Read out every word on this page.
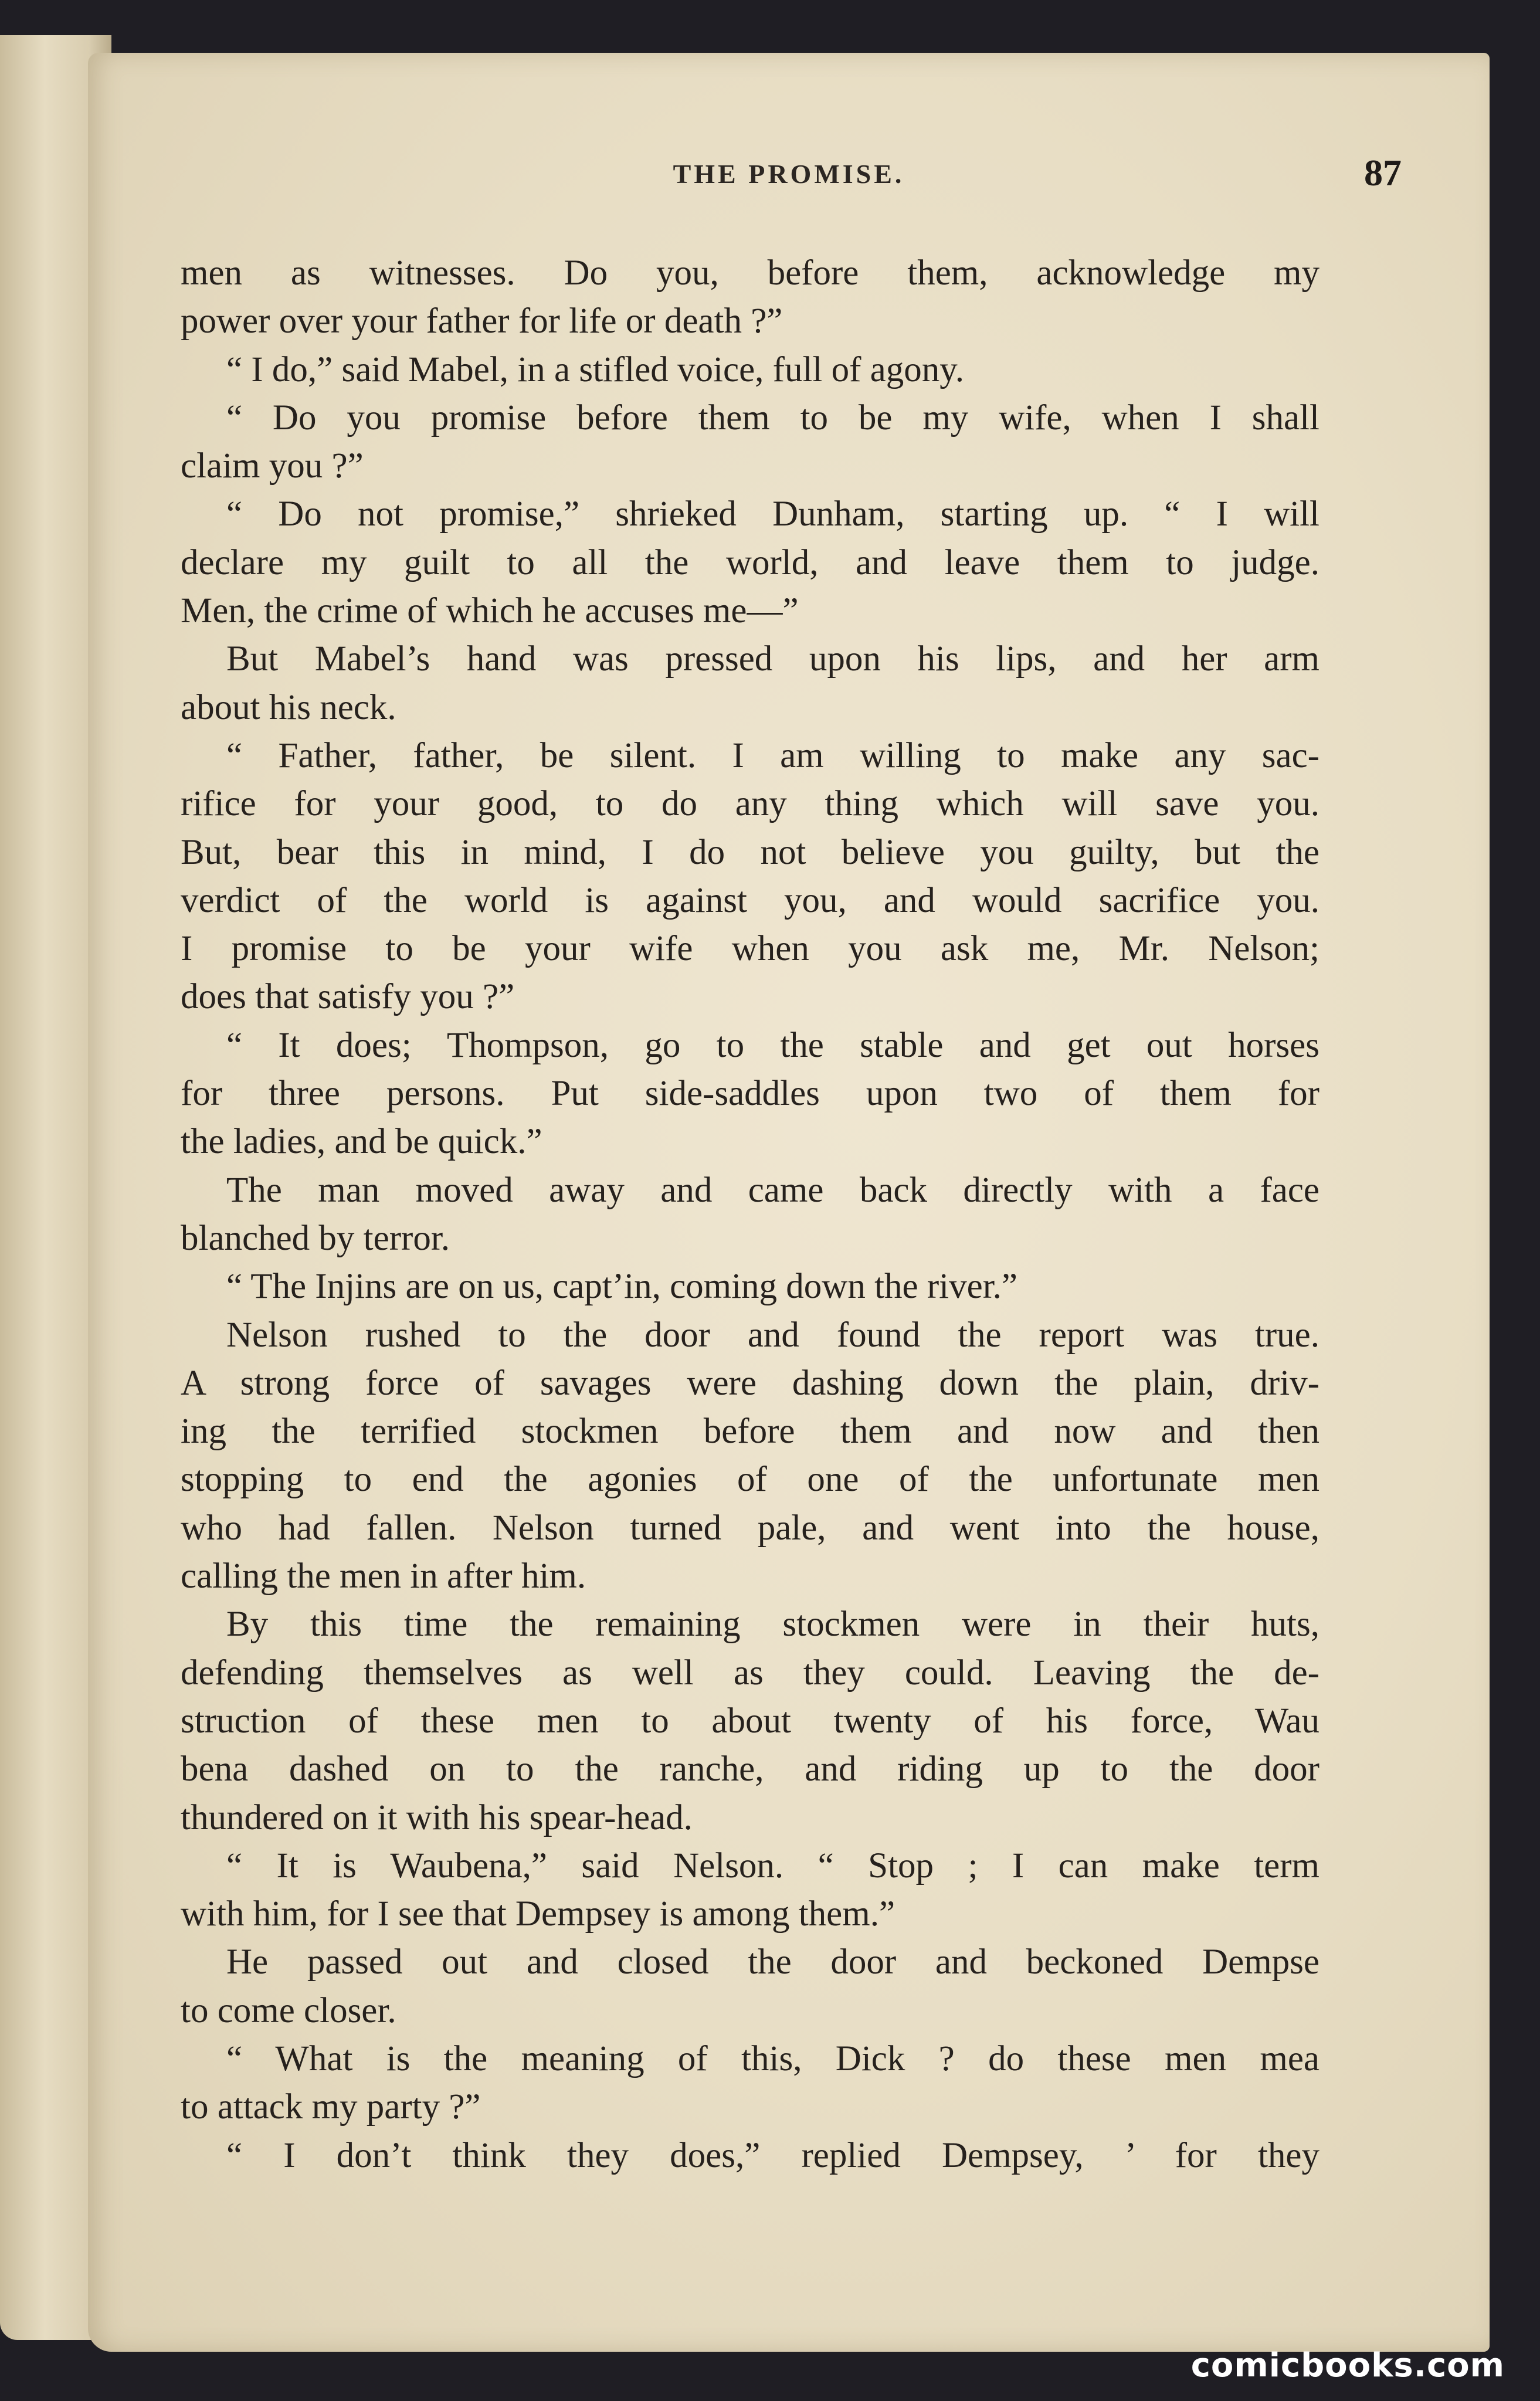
THE PROMISE.	87
men as witnesses. Do you, before them, acknowledge my
power over your father for life or death ?”
“ I do,” said Mabel, in a stifled voice, full of agony.
“ Do you promise before them to be my wife, when I shall
claim you ?”
“ Do not promise,” shrieked Dunham, starting up. “ I will
declare my guilt to all the world, and leave them to judge.
Men, the crime of which he accuses me—”
But Mabel’s hand was pressed upon his lips, and her arm
about his neck.
“ Father, father, be silent. I am willing to make any sac-
rifice for your good, to do any thing which will save you.
But, bear this in mind, I do not believe you guilty, but the
verdict of the world is against you, and would sacrifice you.
I promise to be your wife when you ask me, Mr. Nelson;
does that satisfy you ?”
“ It does; Thompson, go to the stable and get out horses
for three persons. Put side-saddles upon two of them for
the ladies, and be quick.”
The man moved away and came back directly with a face
blanched by terror.
“ The Injins are on us, capt’in, coming down the river.”
Nelson rushed to the door and found the report was true.
A strong force of savages were dashing down the plain, driv-
ing the terrified stockmen before them and now and then
stopping to end the agonies of one of the unfortunate men
who had fallen. Nelson turned pale, and went into the house,
calling the men in after him.
By this time the remaining stockmen were in their huts,
defending themselves as well as they could. Leaving the de-
struction of these men to about twenty of his force, Wau
bena dashed on to the ranche, and riding up to the door
thundered on it with his spear-head.
“ It is Waubena,” said Nelson. “ Stop ; I can make term
with him, for I see that Dempsey is among them.”
He passed out and closed the door and beckoned Dempse
to come closer.
“ What is the meaning of this, Dick ? do these men mea
to attack my party ?”
“ I don’t think they does,” replied Dempsey, ’ for they
comicbooks.com
